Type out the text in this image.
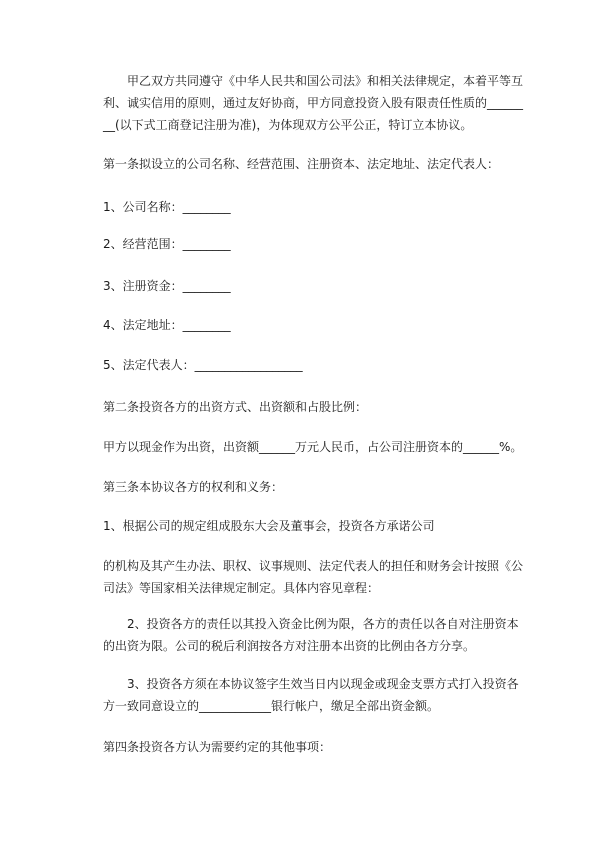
甲乙双方共同遵守《中华人民共和国公司法》和相关法律规定，本着平等互利、诚实信用的原则，通过友好协商，甲方同意投资入股有限责任性质的________(以下式工商登记注册为准)，为体现双方公平公正，特订立本协议。

第一条拟设立的公司名称、经营范围、注册资本、法定地址、法定代表人：

1、公司名称：________

2、经营范围：________

3、注册资金：________

4、法定地址：________

5、法定代表人：__________________

第二条投资各方的出资方式、出资额和占股比例：

甲方以现金作为出资，出资额______万元人民币，占公司注册资本的______%。

第三条本协议各方的权利和义务：

1、根据公司的规定组成股东大会及董事会，投资各方承诺公司

的机构及其产生办法、职权、议事规则、法定代表人的担任和财务会计按照《公司法》等国家相关法律规定制定。具体内容见章程：

2、投资各方的责任以其投入资金比例为限，各方的责任以各自对注册资本的出资为限。公司的税后利润按各方对注册本出资的比例由各方分享。

3、投资各方须在本协议签字生效当日内以现金或现金支票方式打入投资各方一致同意设立的____________银行帐户，缴足全部出资金额。

第四条投资各方认为需要约定的其他事项：
